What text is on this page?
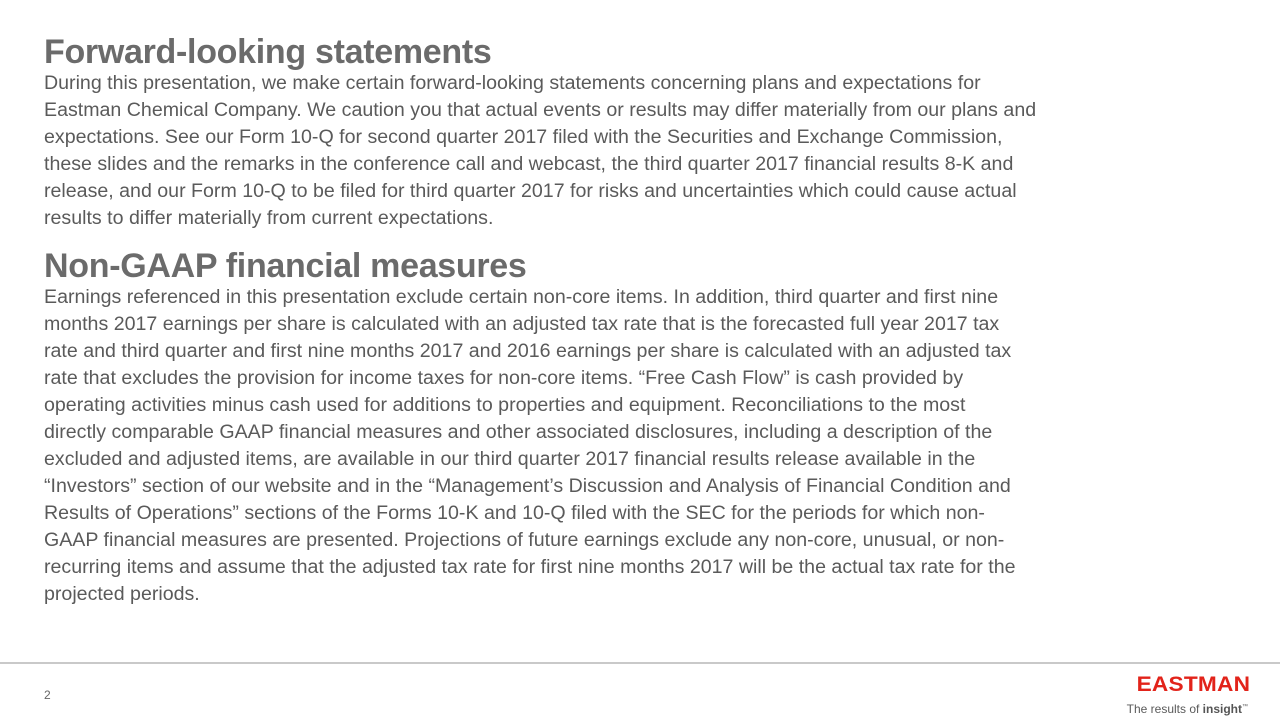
Forward-looking statements

During this presentation, we make certain forward-looking statements concerning plans and expectations for
Eastman Chemical Company. We caution you that actual events or results may differ materially from our plans and
expectations. See our Form 10-Q for second quarter 2017 filed with the Securities and Exchange Commission,
these slides and the remarks in the conference call and webcast, the third quarter 2017 financial results 8-K and
release, and our Form 10-Q to be filed for third quarter 2017 for risks and uncertainties which could cause actual
results to differ materially from current expectations.

Non-GAAP financial measures

Earnings referenced in this presentation exclude certain non-core items. In addition, third quarter and first nine
months 2017 earnings per share is calculated with an adjusted tax rate that is the forecasted full year 2017 tax
rate and third quarter and first nine months 2017 and 2016 earnings per share is calculated with an adjusted tax
rate that excludes the provision for income taxes for non-core items. “Free Cash Flow” is cash provided by
operating activities minus cash used for additions to properties and equipment. Reconciliations to the most
directly comparable GAAP financial measures and other associated disclosures, including a description of the
excluded and adjusted items, are available in our third quarter 2017 financial results release available in the
“Investors” section of our website and in the “Management’s Discussion and Analysis of Financial Condition and
Results of Operations” sections of the Forms 10-K and 10-Q filed with the SEC for the periods for which non-
GAAP financial measures are presented. Projections of future earnings exclude any non-core, unusual, or non-
recurring items and assume that the adjusted tax rate for first nine months 2017 will be the actual tax rate for the
projected periods.

2	EASTMAN
The results of insight™
